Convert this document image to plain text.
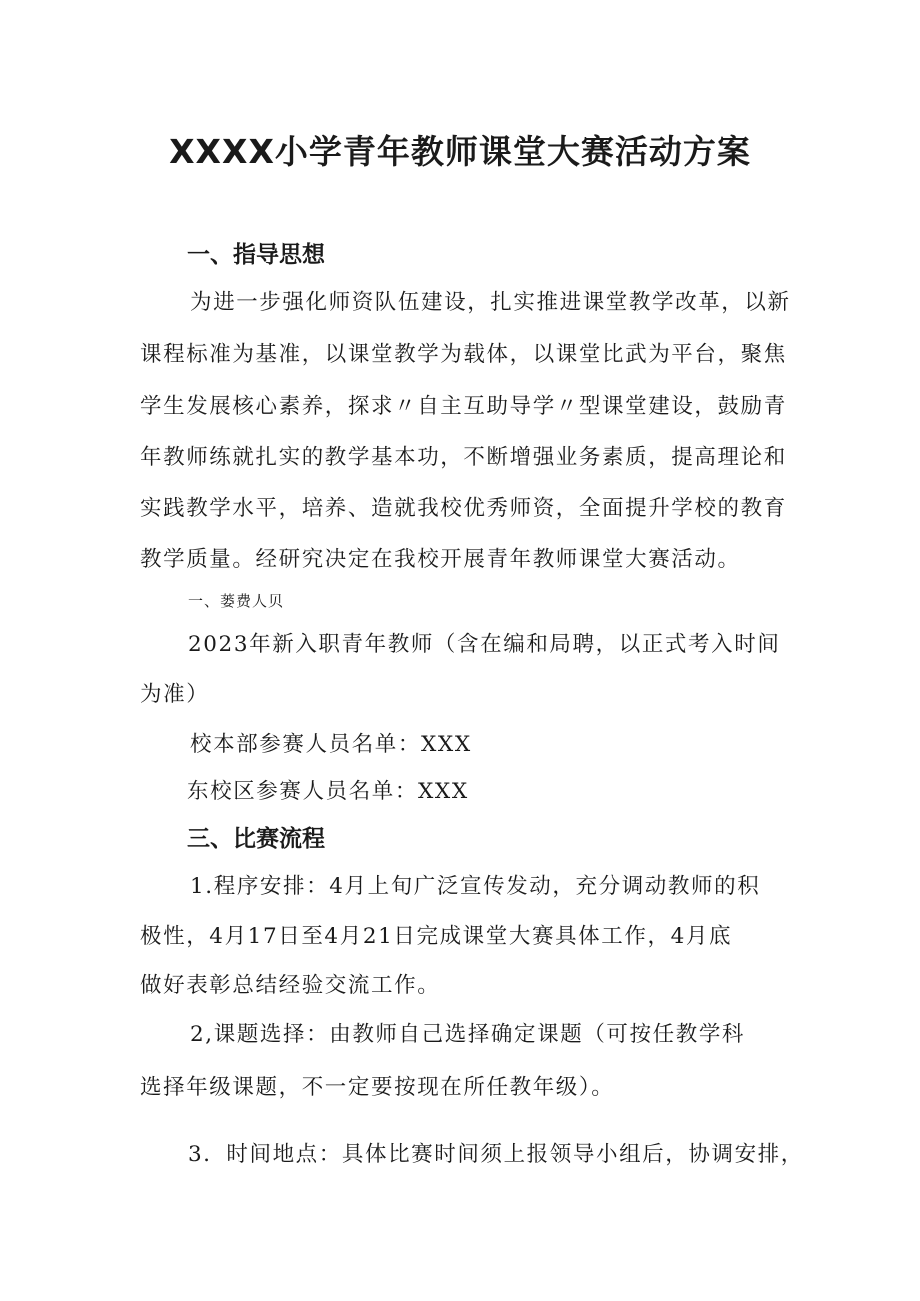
XXXX小学青年教师课堂大赛活动方案
一、指导思想

为进一步强化师资队伍建设，扎实推进课堂教学改革，以新

课程标准为基准，以课堂教学为载体，以课堂比武为平台，聚焦

学生发展核心素养，探求〃自主互助导学〃型课堂建设，鼓励青

年教师练就扎实的教学基本功，不断增强业务素质，提高理论和

实践教学水平，培养、造就我校优秀师资，全面提升学校的教育

教学质量。经研究决定在我校开展青年教师课堂大赛活动。

一、蒌费人贝

2023年新入职青年教师（含在编和局聘，以正式考入时间

为准）

校本部参赛人员名单：XXX

东校区参赛人员名单：XXX

三、比赛流程

1.程序安排：4月上旬广泛宣传发动，充分调动教师的积

极性，4月17日至4月21日完成课堂大赛具体工作，4月底

做好表彰总结经验交流工作。

2,课题选择：由教师自己选择确定课题（可按任教学科

选择年级课题，不一定要按现在所任教年级）。

3．时间地点：具体比赛时间须上报领导小组后，协调安排，
